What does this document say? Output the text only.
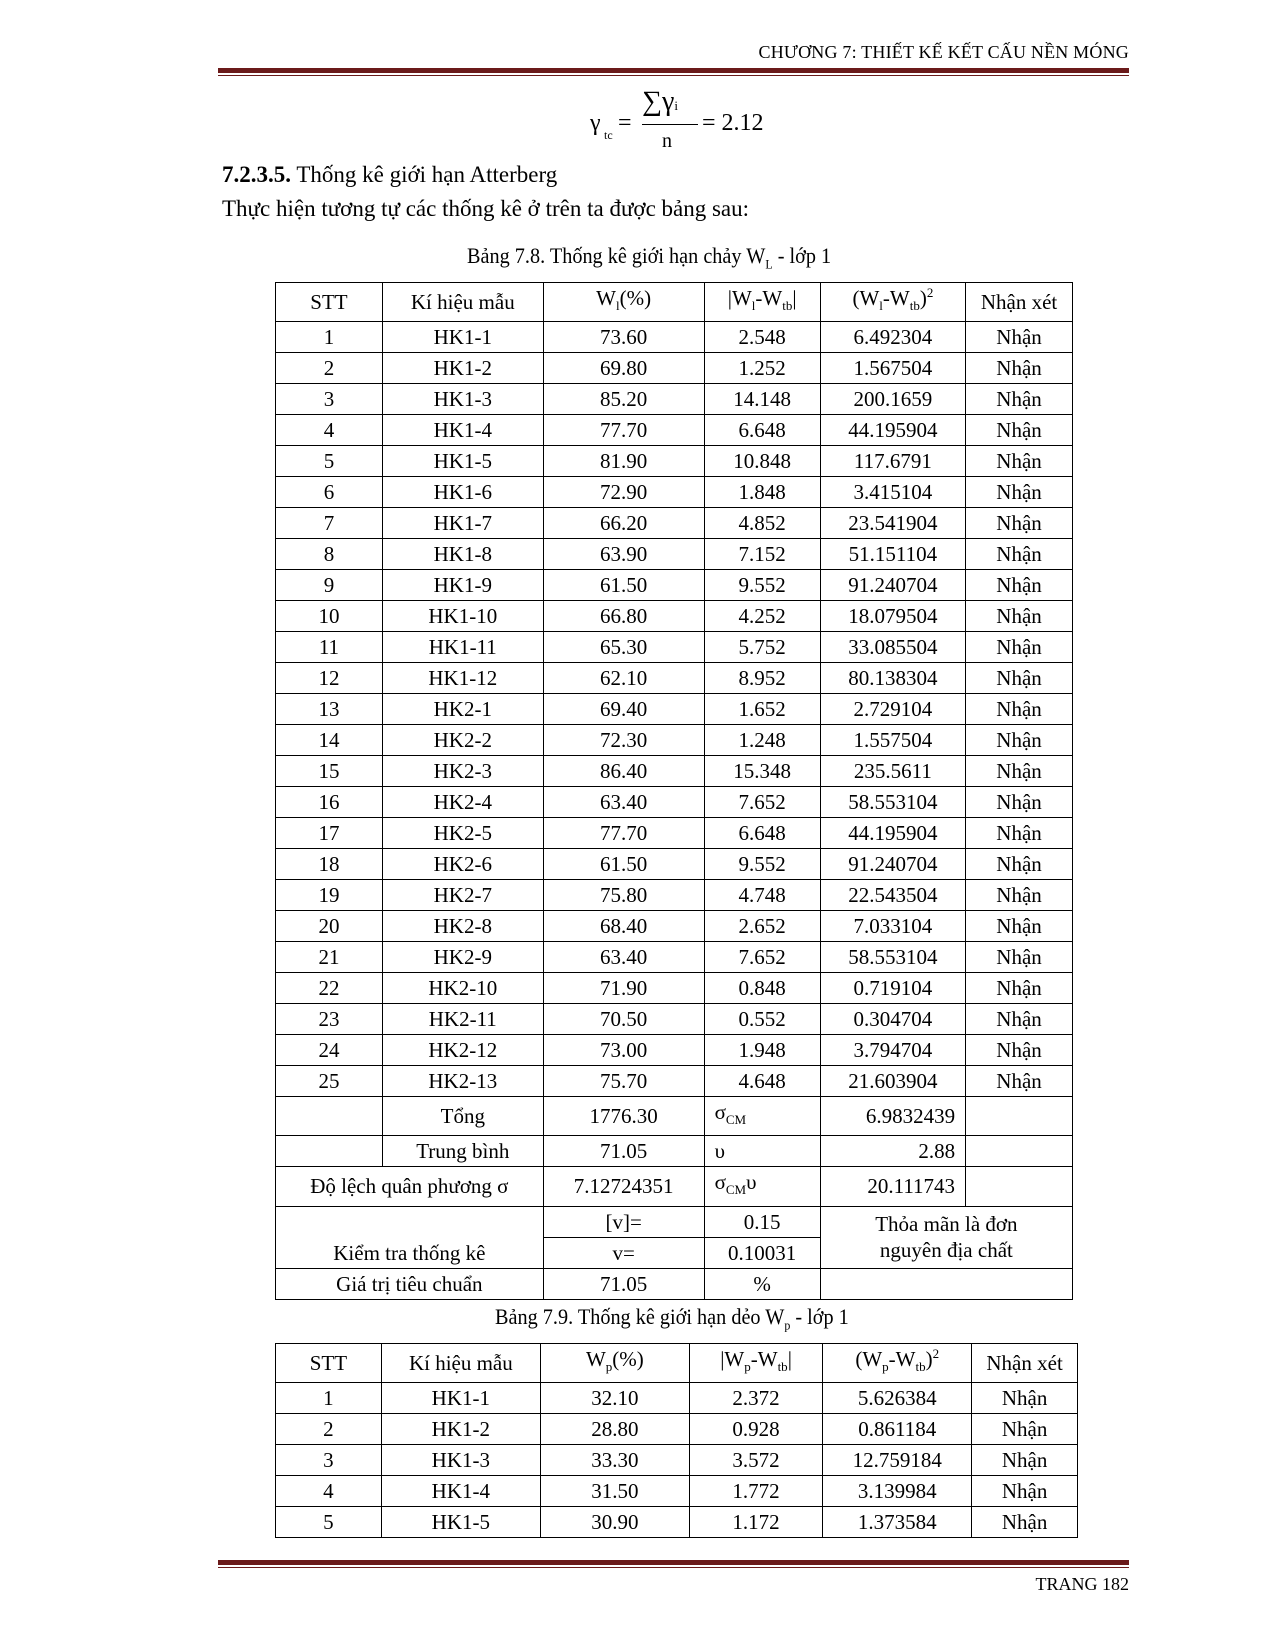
CHƯƠNG 7: THIẾT KẾ KẾT CẤU NỀN MÓNG
γ tc =
∑γi
n
= 2.12
7.2.3.5. Thống kê giới hạn Atterberg
Thực hiện tương tự các thống kê ở trên ta được bảng sau:
Bảng 7.8. Thống kê giới hạn chảy $W_L$ - lớp 1
STT	Kí hiệu mẫu	$W_l(\%)$	$|W_l-W_{tb}|$	$(W_l-W_{tb})^2$	Nhận xét
1	HK1-1	73.60	2.548	6.492304	Nhận
2	HK1-2	69.80	1.252	1.567504	Nhận
3	HK1-3	85.20	14.148	200.1659	Nhận
4	HK1-4	77.70	6.648	44.195904	Nhận
5	HK1-5	81.90	10.848	117.6791	Nhận
6	HK1-6	72.90	1.848	3.415104	Nhận
7	HK1-7	66.20	4.852	23.541904	Nhận
8	HK1-8	63.90	7.152	51.151104	Nhận
9	HK1-9	61.50	9.552	91.240704	Nhận
10	HK1-10	66.80	4.252	18.079504	Nhận
11	HK1-11	65.30	5.752	33.085504	Nhận
12	HK1-12	62.10	8.952	80.138304	Nhận
13	HK2-1	69.40	1.652	2.729104	Nhận
14	HK2-2	72.30	1.248	1.557504	Nhận
15	HK2-3	86.40	15.348	235.5611	Nhận
16	HK2-4	63.40	7.652	58.553104	Nhận
17	HK2-5	77.70	6.648	44.195904	Nhận
18	HK2-6	61.50	9.552	91.240704	Nhận
19	HK2-7	75.80	4.748	22.543504	Nhận
20	HK2-8	68.40	2.652	7.033104	Nhận
21	HK2-9	63.40	7.652	58.553104	Nhận
22	HK2-10	71.90	0.848	0.719104	Nhận
23	HK2-11	70.50	0.552	0.304704	Nhận
24	HK2-12	73.00	1.948	3.794704	Nhận
25	HK2-13	75.70	4.648	21.603904	Nhận
	Tổng	1776.30	$\sigma_{CM}$	6.9832439	
	Trung bình	71.05	υ	2.88	
Độ lệch quân phương σ		7.12724351	$\sigma_{CM}\upsilon$	20.111743	
Kiểm tra thống kê		[v]=	0.15	Thỏa mãn là đơn
nguyên địa chất	
		v=	0.10031		
Giá trị tiêu chuẩn		71.05	%		
Bảng 7.9. Thống kê giới hạn dẻo $W_p$ - lớp 1
STT	Kí hiệu mẫu	$W_p(\%)$	$|W_p-W_{tb}|$	$(W_p-W_{tb})^2$	Nhận xét
1	HK1-1	32.10	2.372	5.626384	Nhận
2	HK1-2	28.80	0.928	0.861184	Nhận
3	HK1-3	33.30	3.572	12.759184	Nhận
4	HK1-4	31.50	1.772	3.139984	Nhận
5	HK1-5	30.90	1.172	1.373584	Nhận
TRANG 182
